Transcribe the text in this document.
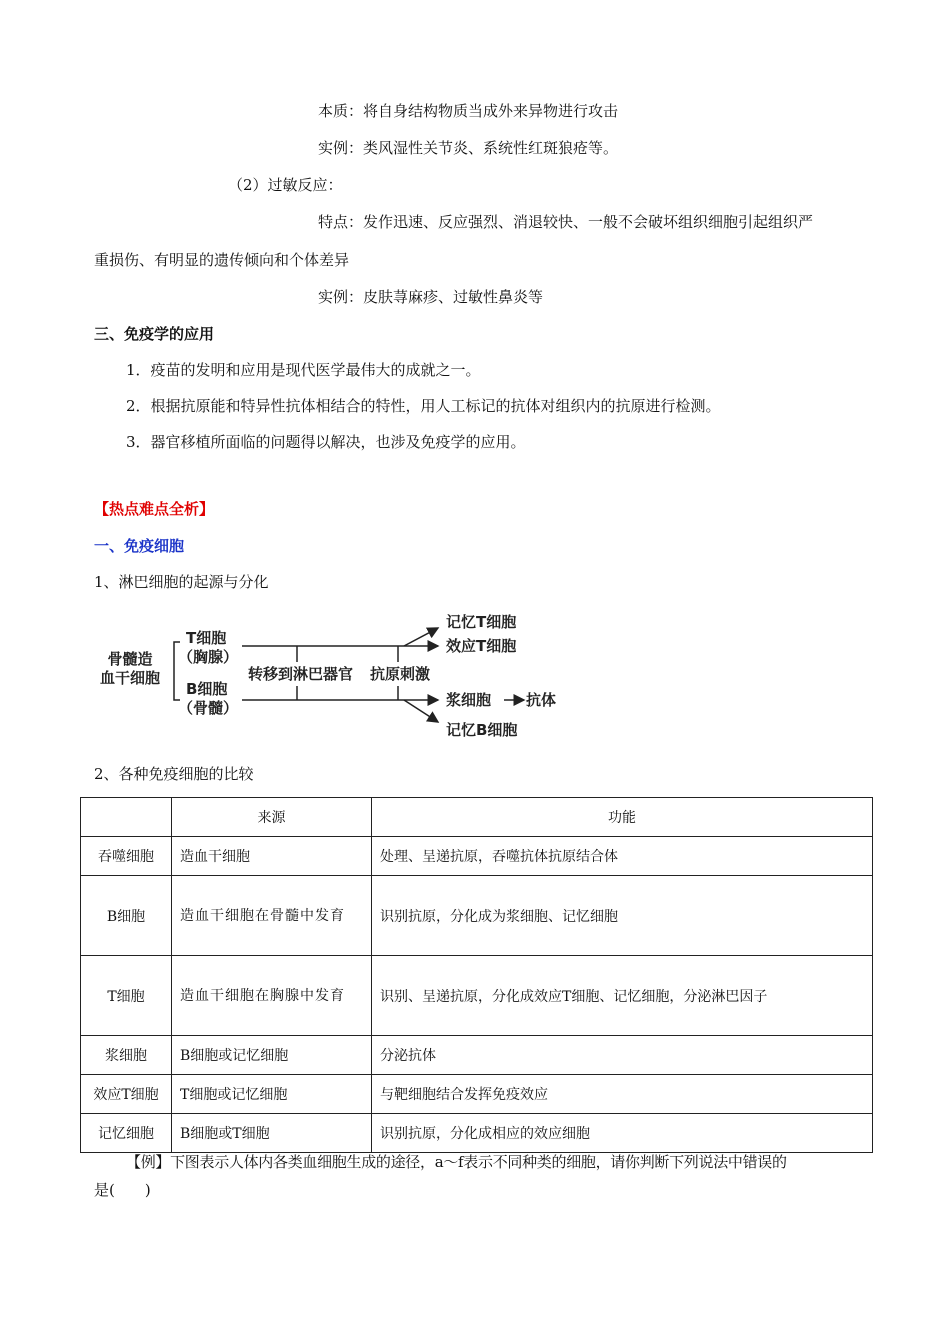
本质：将自身结构物质当成外来异物进行攻击
实例：类风湿性关节炎、系统性红斑狼疮等。
（2）过敏反应：
特点：发作迅速、反应强烈、消退较快、一般不会破坏组织细胞引起组织严
重损伤、有明显的遗传倾向和个体差异
实例：皮肤荨麻疹、过敏性鼻炎等
三、免疫学的应用
1．疫苗的发明和应用是现代医学最伟大的成就之一。
2．根据抗原能和特异性抗体相结合的特性，用人工标记的抗体对组织内的抗原进行检测。
3．器官移植所面临的问题得以解决，也涉及免疫学的应用。
【热点难点全析】
一、免疫细胞
1、淋巴细胞的起源与分化
骨髓造
血干细胞
T细胞
（胸腺）
B细胞
（骨髓）
转移到淋巴器官 抗原刺激
记忆T细胞
效应T细胞
浆细胞 抗体
记忆B细胞
2、各种免疫细胞的比较
	来源	功能
吞噬细胞	造血干细胞	处理、呈递抗原，吞噬抗体抗原结合体
B细胞	造血干细胞在骨髓中发育	识别抗原，分化成为浆细胞、记忆细胞
T细胞	造血干细胞在胸腺中发育	识别、呈递抗原，分化成效应T细胞、记忆细胞，分泌淋巴因子
浆细胞	B细胞或记忆细胞	分泌抗体
效应T细胞	T细胞或记忆细胞	与靶细胞结合发挥免疫效应
记忆细胞	B细胞或T细胞	识别抗原，分化成相应的效应细胞
【例】下图表示人体内各类血细胞生成的途径，a～f表示不同种类的细胞，请你判断下列说法中错误的
是(　　)
